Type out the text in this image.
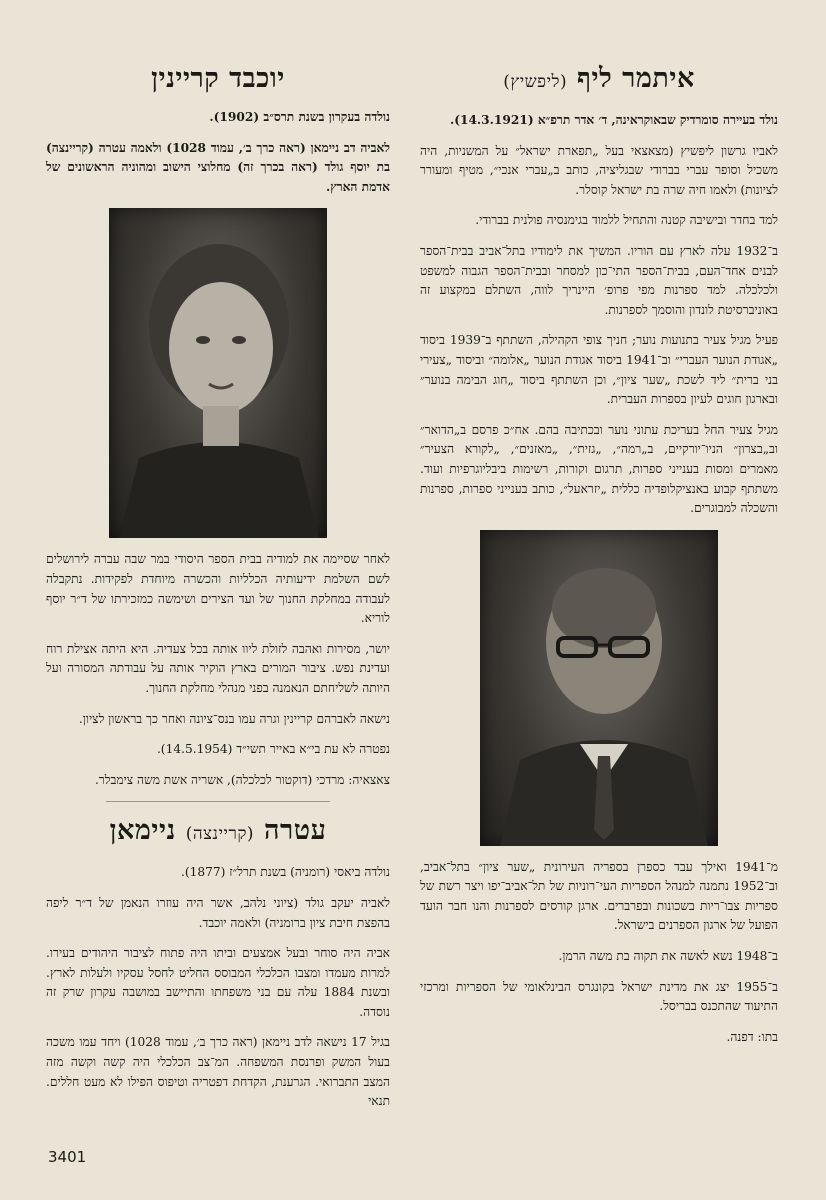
איתמר ליף (ליפשיץ)

נולד בעיירה סומרדיק שבאוקראינה, ד׳ אדר תרפ״א (14.3.1921).

לאביו גרשון ליפשיץ (מצאצאי בעל „תפארת ישראל״ על המשניות, היה משכיל וסופר עברי בברודי שבגליציה, כותב ב„עברי אנכי״, מטיף ומעורר לציונות) ולאמו חיה שרה בת ישראל קוסלר.

למד בחדר ובישיבה קטנה והתחיל ללמוד בגימנסיה פולנית בברודי.

ב־1932 עלה לארץ עם הוריו. המשיך את לימודיו בתל־אביב בבית־הספר לבנים אחד־העם, בבית־הספר התי־כון למסחר ובבית־הספר הגבוה למשפט ולכלכלה. למד ספרנות מפי פרופ׳ היינריך לווה, השתלם במקצוע זה באוניברסיטת לונדון והוסמך לספרנות.

פעיל מגיל צעיר בתנועות נוער; חניך צופי הקהילה, השתתף ב־1939 ביסוד „אגודת הנוער העברי״ וב־1941 ביסוד אגודת הנוער „אלומה״ וביסוד „צעירי בני ברית״ ליד לשכת „שער ציון״, וכן השתתף ביסוד „חוג הבימה בנוער״ ובארגון חוגים לעיון בספרות העברית.

מגיל צעיר החל בעריכת עתוני נוער ובכתיבה בהם. אח״כ פרסם ב„הדואר״ וב„בצרון״ הניו־יורקיים, ב„רמה״, „גזית״, „מאזנים״, „לקורא הצעיר״ מאמרים ומסות בענייני ספרות, תרגום וקורות, רשימות ביבליוגרפיות ועוד. משתתף קבוע באנציקלופדיה כללית „יזראעל״, כותב בענייני ספרות, ספרנות והשכלה למבוגרים.

מ־1941 ואילך עבד כספרן בספריה העירונית „שער ציון״ בתל־אביב, וב־1952 נתמנה למנהל הספריות העי־רוניות של תל־אביב־יפו ויצר רשת של ספריות צבו־ריות בשכונות ובפרברים. ארגן קורסים לספרנות והנו חבר הועד הפועל של ארגון הספרנים בישראל.

ב־1948 נשא לאשה את תקוה בת משה הרמן.

ב־1955 יצג את מדינת ישראל בקונגרס הבינלאומי של הספריות ומרכזי התיעוד שהתכנס בבריסל.

בתו: דפנה.

יוכבד קריינין

נולדה בעקרון בשנת תרס״ב (1902).

לאביה דב ניימאן (ראה כרך ב׳, עמוד 1028) ולאמה עטרה (קריינצה) בת יוסף גולד (ראה בכרך זה) מחלוצי הישוב ומהוניה הראשונים של אדמת הארץ.

לאחר שסיימה את למודיה בבית הספר היסודי במר שבה עברה לירושלים לשם השלמת ידיעותיה הכלליות והכשרה מיוחדת לפקידות. נתקבלה לעבודה במחלקת החנוך של ועד הצירים ושימשה כמזכירתו של ד״ר יוסף לוריא.

יושר, מסירות ואהבה לזולת ליוו אותה בכל צעדיה. היא היתה אצילת רוח ועדינת נפש. ציבור המורים בארץ הוקיר אותה על עבודתה המסורה ועל היותה לשליחתם הנאמנה בפני מנהלי מחלקת החנוך.

נישאה לאברהם קריינין וגרה עמו בנס־ציונה ואחר כך בראשון לציון.

נפטרה לא עת בי״א באייר תשי״ד (14.5.1954).

צאצאיה: מרדכי (דוקטור לכלכלה), אשריה אשת משה צימבלר.

עטרה (קריינצה) ניימאן

נולדה ביאסי (רומניה) בשנת תרל״ז (1877).

לאביה יעקב גולד (ציוני נלהב, אשר היה עוזרו הנאמן של ד״ר ליפה בהפצת חיבת ציון ברומניה) ולאמה יוכבד.

אביה היה סוחר ובעל אמצעים וביתו היה פתוח לציבור היהודים בעירו. למרות מעמדו ומצבו הכלכלי המבוסס החליט לחסל עסקיו ולעלות לארץ. ובשנת 1884 עלה עם בני משפחתו והתיישב במושבה עקרון שרק זה נוסדה.

בגיל 17 נישאה לדב ניימאן (ראה כרך ב׳, עמוד 1028) ויחד עמו משכה בעול המשק ופרנסת המשפחה. המ־צב הכלכלי היה קשה וקשה מזה המצב התברואי. הגרענת, הקדחת דפטריה וטיפוס הפילו לא מעט חללים. תנאי

3401
